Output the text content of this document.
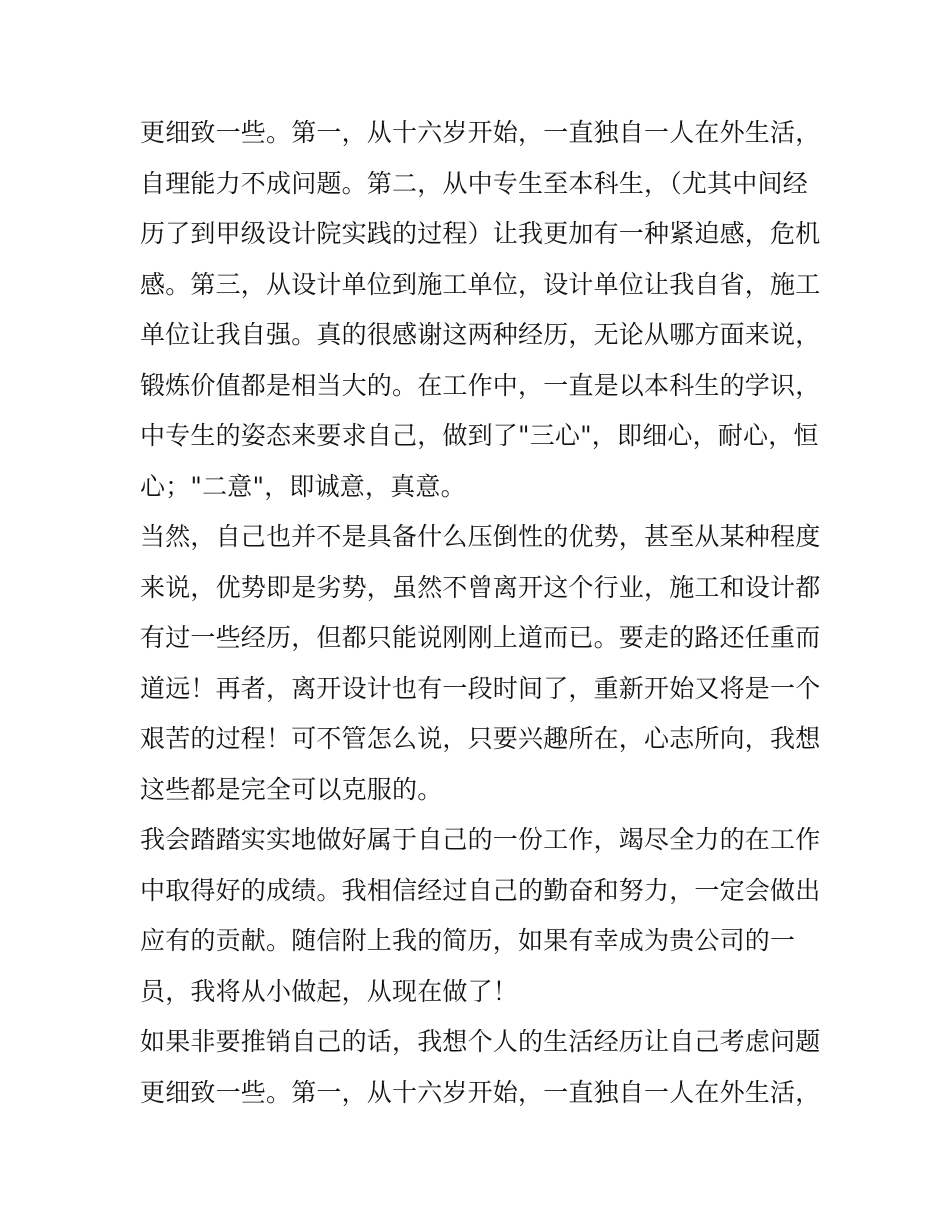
更细致一些。第一，从十六岁开始，一直独自一人在外生活，
自理能力不成问题。第二，从中专生至本科生，（尤其中间经
历了到甲级设计院实践的过程）让我更加有一种紧迫感，危机
感。第三，从设计单位到施工单位，设计单位让我自省，施工
单位让我自强。真的很感谢这两种经历，无论从哪方面来说，
锻炼价值都是相当大的。在工作中，一直是以本科生的学识，
中专生的姿态来要求自己，做到了"三心"，即细心，耐心，恒
心；"二意"，即诚意，真意。
当然，自己也并不是具备什么压倒性的优势，甚至从某种程度
来说，优势即是劣势，虽然不曾离开这个行业，施工和设计都
有过一些经历，但都只能说刚刚上道而已。要走的路还任重而
道远！再者，离开设计也有一段时间了，重新开始又将是一个
艰苦的过程！可不管怎么说，只要兴趣所在，心志所向，我想
这些都是完全可以克服的。
我会踏踏实实地做好属于自己的一份工作，竭尽全力的在工作
中取得好的成绩。我相信经过自己的勤奋和努力，一定会做出
应有的贡献。随信附上我的简历，如果有幸成为贵公司的一
员，我将从小做起，从现在做了！
如果非要推销自己的话，我想个人的生活经历让自己考虑问题
更细致一些。第一，从十六岁开始，一直独自一人在外生活，
